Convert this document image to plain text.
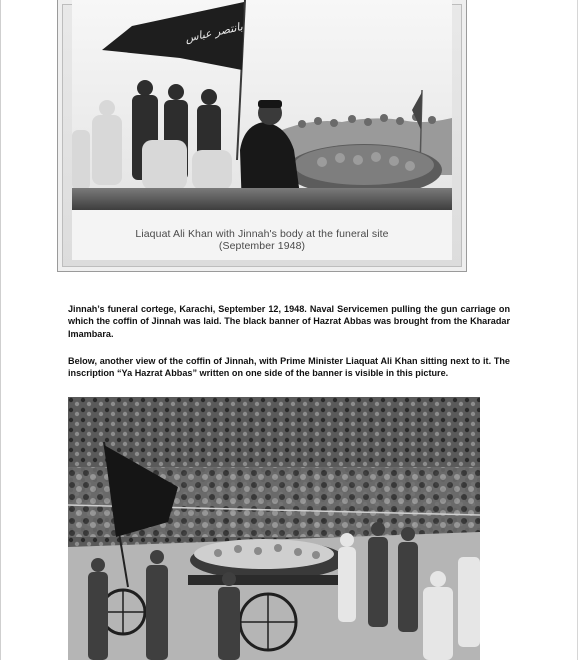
بانتصر عباس
Liaquat Ali Khan with Jinnah's body at the funeral site
(September 1948)
Jinnah’s funeral cortege, Karachi, September 12, 1948. Naval Servicemen pulling the gun carriage on which the coffin of Jinnah was laid. The black banner of Hazrat Abbas was brought from the Kharadar Imambara.
Below, another view of the coffin of Jinnah, with Prime Minister Liaquat Ali Khan sitting next to it. The inscription “Ya Hazrat Abbas” written on one side of the banner is visible in this picture.
